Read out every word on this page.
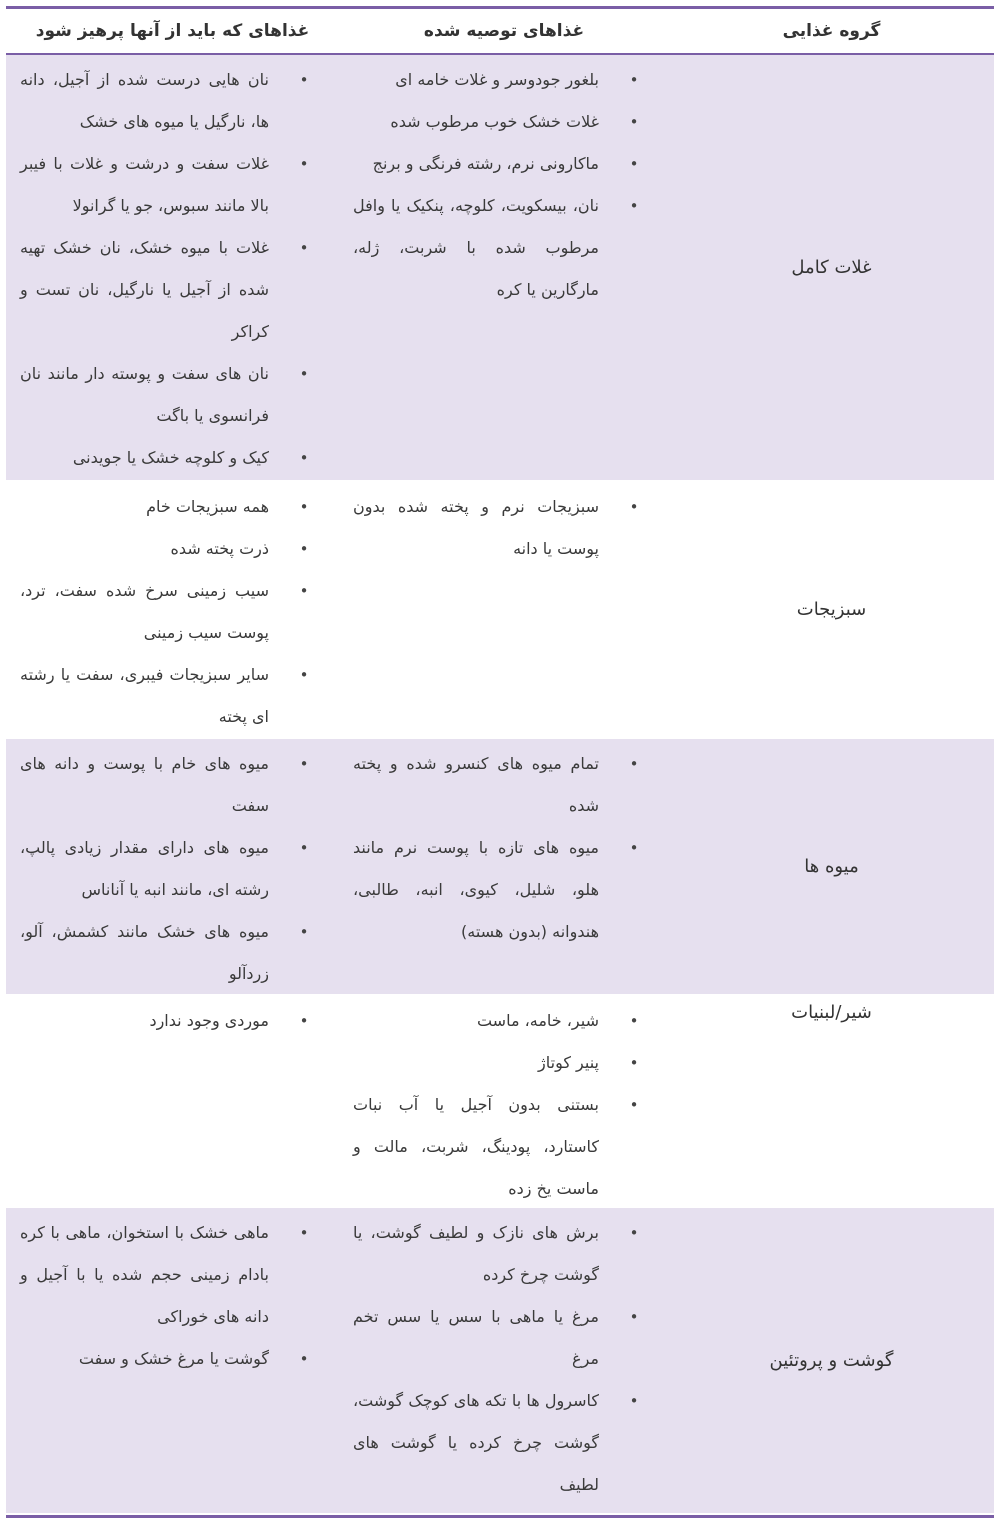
گروه غذایی
غذاهای توصیه شده
غذاهای که باید از آنها پرهیز شود
غلات کامل
•
بلغور جودوسر و غلات خامه ای
•
غلات خشک خوب مرطوب شده
•
ماکارونی نرم، رشته فرنگی و برنج
•
نان، بیسکویت، کلوچه، پنکیک یا وافل مرطوب شده با شربت، ژله، مارگارین یا کره
•
نان هایی درست شده از آجیل، دانه ها، نارگیل یا میوه های خشک
•
غلات سفت و درشت و غلات با فیبر بالا مانند سبوس، جو یا گرانولا
•
غلات با میوه خشک، نان خشک تهیه شده از آجیل یا نارگیل، نان تست و کراکر
•
نان های سفت و پوسته دار مانند نان فرانسوی یا باگت
•
کیک و کلوچه خشک یا جویدنی
سبزیجات
•
سبزیجات نرم و پخته شده بدون پوست یا دانه
•
همه سبزیجات خام
•
ذرت پخته شده
•
سیب زمینی سرخ شده سفت، ترد، پوست سیب زمینی
•
سایر سبزیجات فیبری، سفت یا رشته ای پخته
میوه ها
•
تمام میوه های کنسرو شده و پخته شده
•
میوه های تازه با پوست نرم مانند هلو، شلیل، کیوی، انبه، طالبی، هندوانه (بدون هسته)
•
میوه های خام با پوست و دانه های سفت
•
میوه های دارای مقدار زیادی پالپ، رشته ای، مانند انبه یا آناناس
•
میوه های خشک مانند کشمش، آلو، زردآلو
شیر/لبنیات
•
شیر، خامه، ماست
•
پنیر کوتاژ
•
بستنی بدون آجیل یا آب نبات کاستارد، پودینگ، شربت، مالت و ماست یخ زده
•
موردی وجود ندارد
گوشت و پروتئین
•
برش های نازک و لطیف گوشت، یا گوشت چرخ کرده
•
مرغ یا ماهی با سس یا سس تخم مرغ
•
کاسرول ها با تکه های کوچک گوشت، گوشت چرخ کرده یا گوشت های لطیف
•
ماهی خشک با استخوان، ماهی با کره بادام زمینی حجم شده یا با آجیل و دانه های خوراکی
•
گوشت یا مرغ خشک و سفت
